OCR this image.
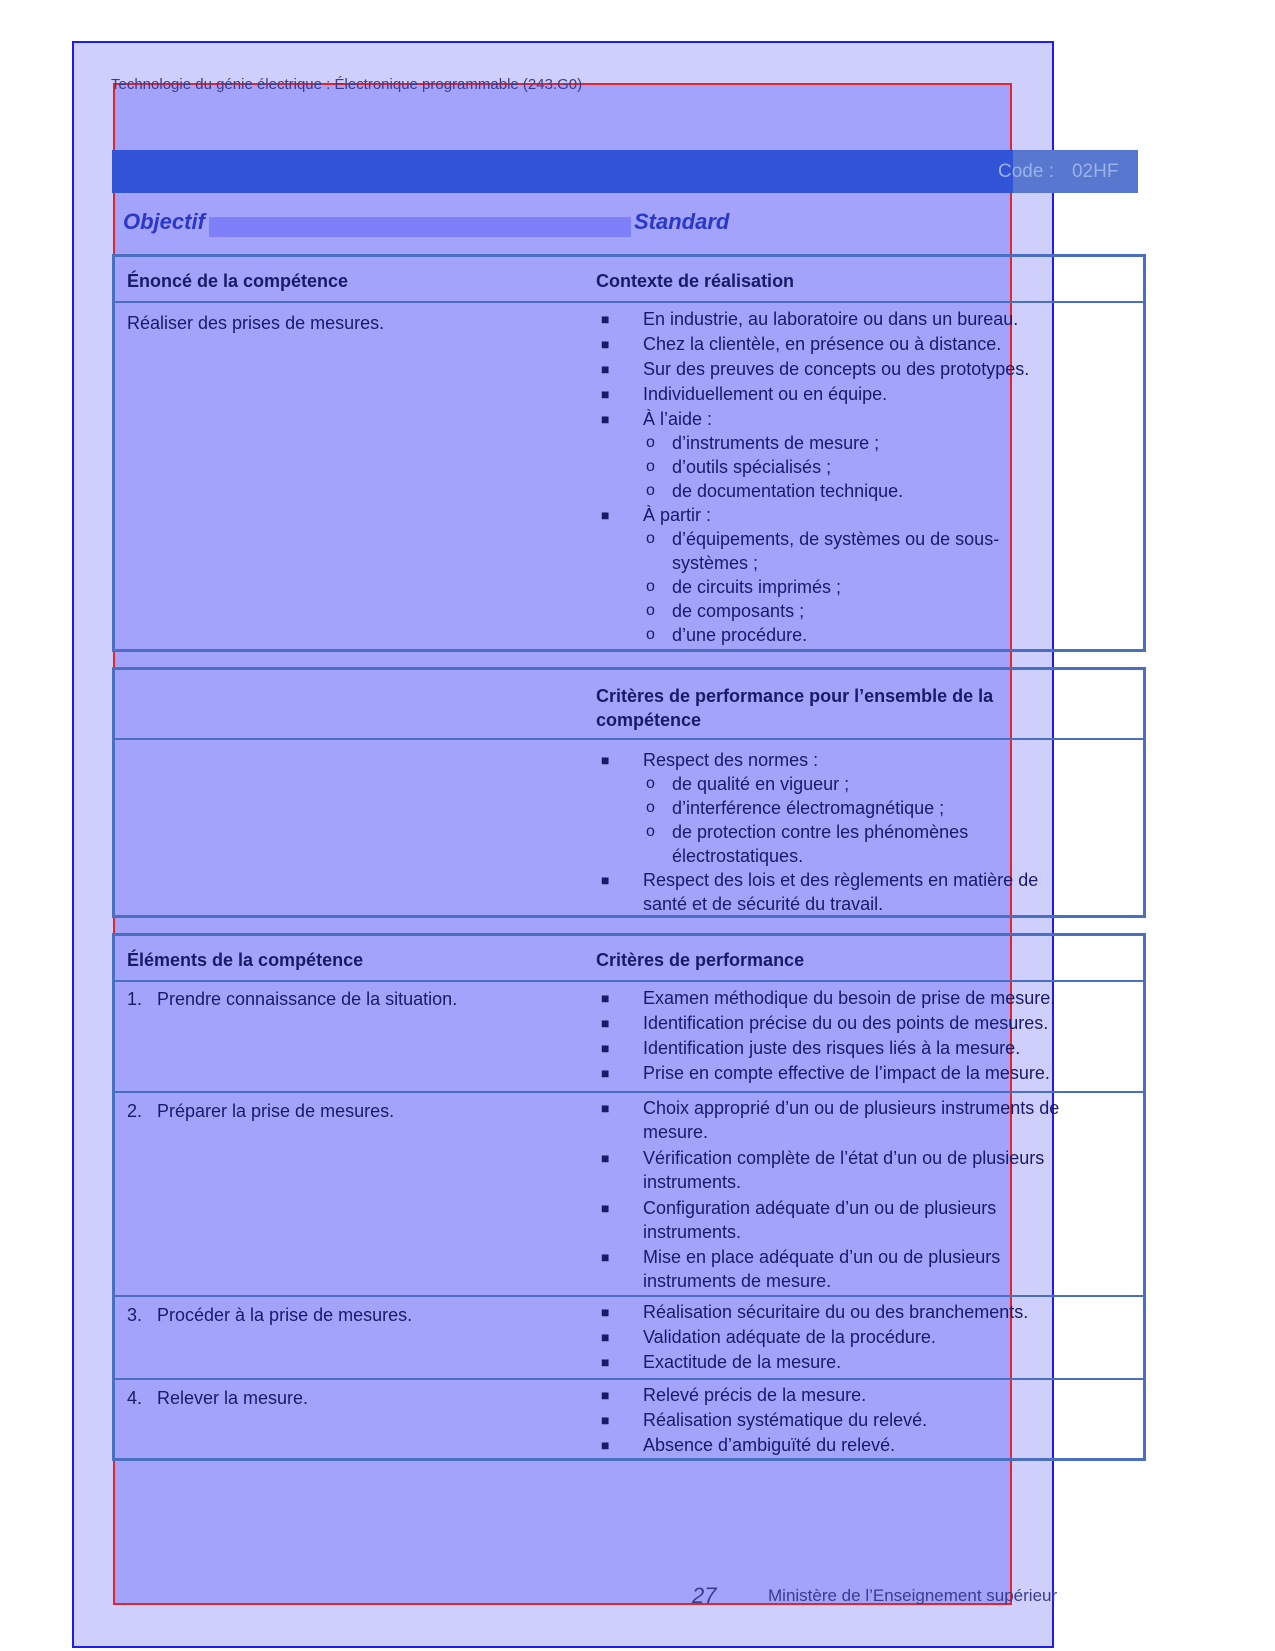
Technologie du génie électrique : Électronique programmable (243.G0)
Code : 02HF
Objectif	Standard
Énoncé de la compétence	Contexte de réalisation
Réaliser des prises de mesures.	■ En industrie, au laboratoire ou dans un bureau.
■ Chez la clientèle, en présence ou à distance.
■ Sur des preuves de concepts ou des prototypes.
■ Individuellement ou en équipe.
■ À l’aide :
o d’instruments de mesure ;
o d’outils spécialisés ;
o de documentation technique.
■ À partir :
o d’équipements, de systèmes ou de sous-
systèmes ;
o de circuits imprimés ;
o de composants ;
o d’une procédure.
Critères de performance pour l’ensemble de la
compétence
■ Respect des normes :
o de qualité en vigueur ;
o d’interférence électromagnétique ;
o de protection contre les phénomènes
électrostatiques.
■ Respect des lois et des règlements en matière de
santé et de sécurité du travail.
Éléments de la compétence	Critères de performance
1. Prendre connaissance de la situation.	■ Examen méthodique du besoin de prise de mesure.
■ Identification précise du ou des points de mesures.
■ Identification juste des risques liés à la mesure.
■ Prise en compte effective de l’impact de la mesure.
2. Préparer la prise de mesures.	■ Choix approprié d’un ou de plusieurs instruments de
mesure.
■ Vérification complète de l’état d’un ou de plusieurs
instruments.
■ Configuration adéquate d’un ou de plusieurs
instruments.
■ Mise en place adéquate d’un ou de plusieurs
instruments de mesure.
3. Procéder à la prise de mesures.	■ Réalisation sécuritaire du ou des branchements.
■ Validation adéquate de la procédure.
■ Exactitude de la mesure.
4. Relever la mesure.	■ Relevé précis de la mesure.
■ Réalisation systématique du relevé.
■ Absence d’ambiguïté du relevé.
27	Ministère de l’Enseignement supérieur
